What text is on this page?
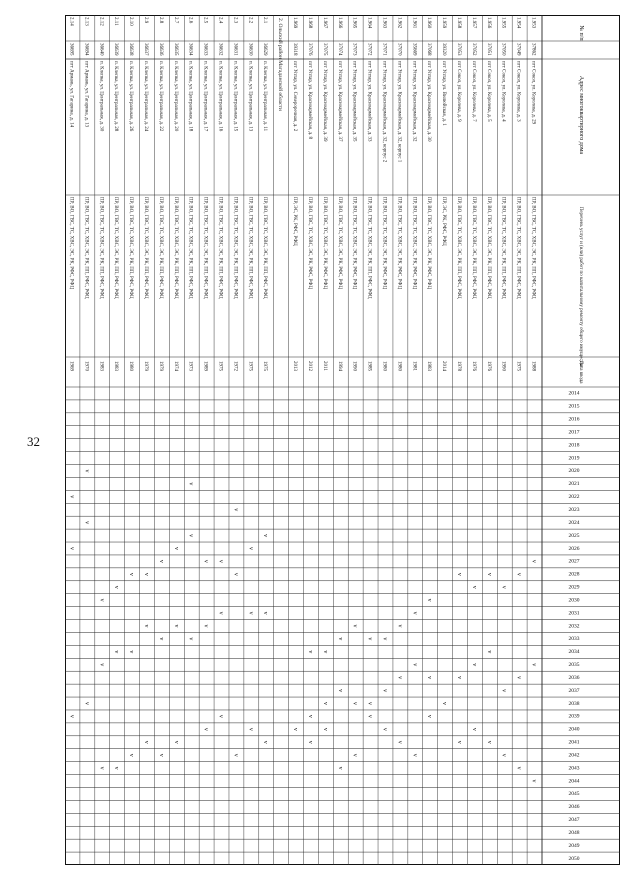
32
№ п/п
Адрес многоквартирного дома
Перечень услуг и (или) работ по капитальному ремонту общего имущества
Дата ввода
2014
2015
2016
2017
2018
2019
2020
2021
2022
2023
2024
2025
2026
2027
2028
2029
2030
2031
2032
2033
2034
2035
2036
2037
2038
2039
2040
2041
2042
2043
2044
2045
2046
2047
2048
2049
2050
1.953
37862
пгт Сокол, ул. Королева, д. 29
ПР, ВО, ГВС, ТС, ХВС, ЭС, РК, ПП, РФС, РФЦ
1988
v
v
v
1.954
37049
пгт Сокол, ул. Королева, д. 3
ПР, ВО, ГВС, ТС, ХВС, ЭС, РК, ПП, РФС, РФЦ
1975
v
v
v
1.955
37050
пгт Сокол, ул. Королева, д. 4
ПР, ВО, ГВС, ТС, ХВС, ЭС, РК, ПП, РФС, РФЦ
1990
v
v
v
1.956
37051
пгт Сокол, ул. Королева, д. 5
ПР, ВО, ГВС, ТС, ХВС, ЭС, РК, ПП, РФС, РФЦ
1976
v
v
v
1.957
37052
пгт Сокол, ул. Королева, д. 7
ПР, ВО, ГВС, ТС, ХВС, ЭС, РК, ПП, РФС, РФЦ
1976
v
v
v
1.958
37053
пгт Сокол, ул. Королева, д. 9
ПР, ВО, ГВС, ТС, ХВС, ЭС, РК, ПП, РФС, РФЦ
1978
v
v
v
1.959
39320
пгт Уптар, ул. Вилюйская, д. 1
ПР, ЭС, РК, РФС, РФЦ
2014
v
1.960
37068
пгт Уптар, ул. Красноармейская, д. 30
ПР, ВО, ГВС, ТС, ХВС, ЭС, РК, РФС, РФЦ
1983
v
v
v
1.961
35669
пгт Уптар, ул. Красноармейская, д. 32
ПР, ВО, ГВС, ТС, ХВС, ЭС, РК, РФС, РФЦ
1981
v
v
v
1.962
37070
пгт Уптар, ул. Красноармейская, д. 32, корпус 1
ПР, ВО, ГВС, ТС, ХВС, ЭС, РК, РФС, РФЦ
1980
v
v
v
1.963
37071
пгт Уптар, ул. Красноармейская, д. 32, корпус 2
ПР, ВО, ГВС, ТС, ХВС, ЭС, РК, РФС, РФЦ
1980
v
v
v
1.964
37072
пгт Уптар, ул. Красноармейская, д. 33
ПР, ВО, ГВС, ТС, ХВС, ЭС, РК, ПП, РФС, РФЦ
1985
v
v
v
1.965
37073
пгт Уптар, ул. Красноармейская, д. 35
ПР, ВО, ГВС, ТС, ХВС, ЭС, РК, РФС, РФЦ
1990
v
v
v
1.966
37074
пгт Уптар, ул. Красноармейская, д. 37
ПР, ВО, ГВС, ТС, ХВС, ЭС, РК, РФС, РФЦ
1994
v
v
v
1.967
37075
пгт Уптар, ул. Красноармейская, д. 39
ПР, ВО, ГВС, ТС, ХВС, ЭС, РК, РФС, РФЦ
2011
v
v
v
1.968
37076
пгт Уптар, ул. Красноармейская, д. 8
ПР, ВО, ГВС, ТС, ХВС, ЭС, РК, РФС, РФЦ
2012
v
v
v
1.969
39318
пгт Уптар, ул. Североречная, д. 2
ПР, ЭС, РК, РФС, РФЦ
2013
v
2. Ольский район Магаданской области
2.1
36629
п. Клепка, ул. Центральная, д. 11
ПР, ВО, ГВС, ТС, ХВС, ЭС, РК, ПП, РФС, РФЦ
1975
v
v
v
2.2
36630
п. Клепка, ул. Центральная, д. 13
ПР, ВО, ГВС, ТС, ХВС, ЭС, РК, ПП, РФС, РФЦ
1975
v
v
v
2.3
36631
п. Клепка, ул. Центральная, д. 15
ПР, ВО, ГВС, ТС, ХВС, ЭС, РК, ПП, РФС, РФЦ
1972
v
v
v
2.4
36632
п. Клепка, ул. Центральная, д. 16
ПР, ВО, ГВС, ТС, ХВС, ЭС, РК, ПП, РФС, РФЦ
1975
v
v
v
2.5
36633
п. Клепка, ул. Центральная, д. 17
ПР, ВО, ГВС, ТС, ХВС, ЭС, РК, ПП, РФС, РФЦ
1989
v
v
v
2.6
36634
п. Клепка, ул. Центральная, д. 18
ПР, ВО, ГВС, ТС, ХВС, ЭС, РК, ПП, РФС, РФЦ
1973
v
v
v
2.7
36635
п. Клепка, ул. Центральная, д. 20
ПР, ВО, ГВС, ТС, ХВС, ЭС, РК, ПП, РФС, РФЦ
1974
v
v
v
2.8
36636
п. Клепка, ул. Центральная, д. 22
ПР, ВО, ГВС, ТС, ХВС, ЭС, РК, ПП, РФС, РФЦ
1979
v
v
v
2.9
36637
п. Клепка, ул. Центральная, д. 24
ПР, ВО, ГВС, ТС, ХВС, ЭС, РК, ПП, РФС, РФЦ
1979
v
v
v
2.10
36638
п. Клепка, ул. Центральная, д. 26
ПР, ВО, ГВС, ТС, ХВС, ЭС, РК, ПП, РФС, РФЦ
1980
v
v
v
2.11
36639
п. Клепка, ул. Центральная, д. 28
ПР, ВО, ГВС, ТС, ХВС, ЭС, РК, ПП, РФС, РФЦ
1983
v
v
v
2.12
36640
п. Клепка, ул. Центральная, д. 30
ПР, ВО, ГВС, ТС, ХВС, ЭС, РК, ПП, РФС, РФЦ
1983
v
v
v
2.13
36694
пгт Армань, ул. Гагарина, д. 13
ПР, ВО, ГВС, ТС, ХВС, ЭС, РК, ПП, РФС, РФЦ
1970
v
v
v
2.14
36695
пгт Армань, ул. Гагарина, д. 14
ПР, ВО, ГВС, ТС, ХВС, ЭС, РК, РФС, РФЦ
1969
v
v
v
